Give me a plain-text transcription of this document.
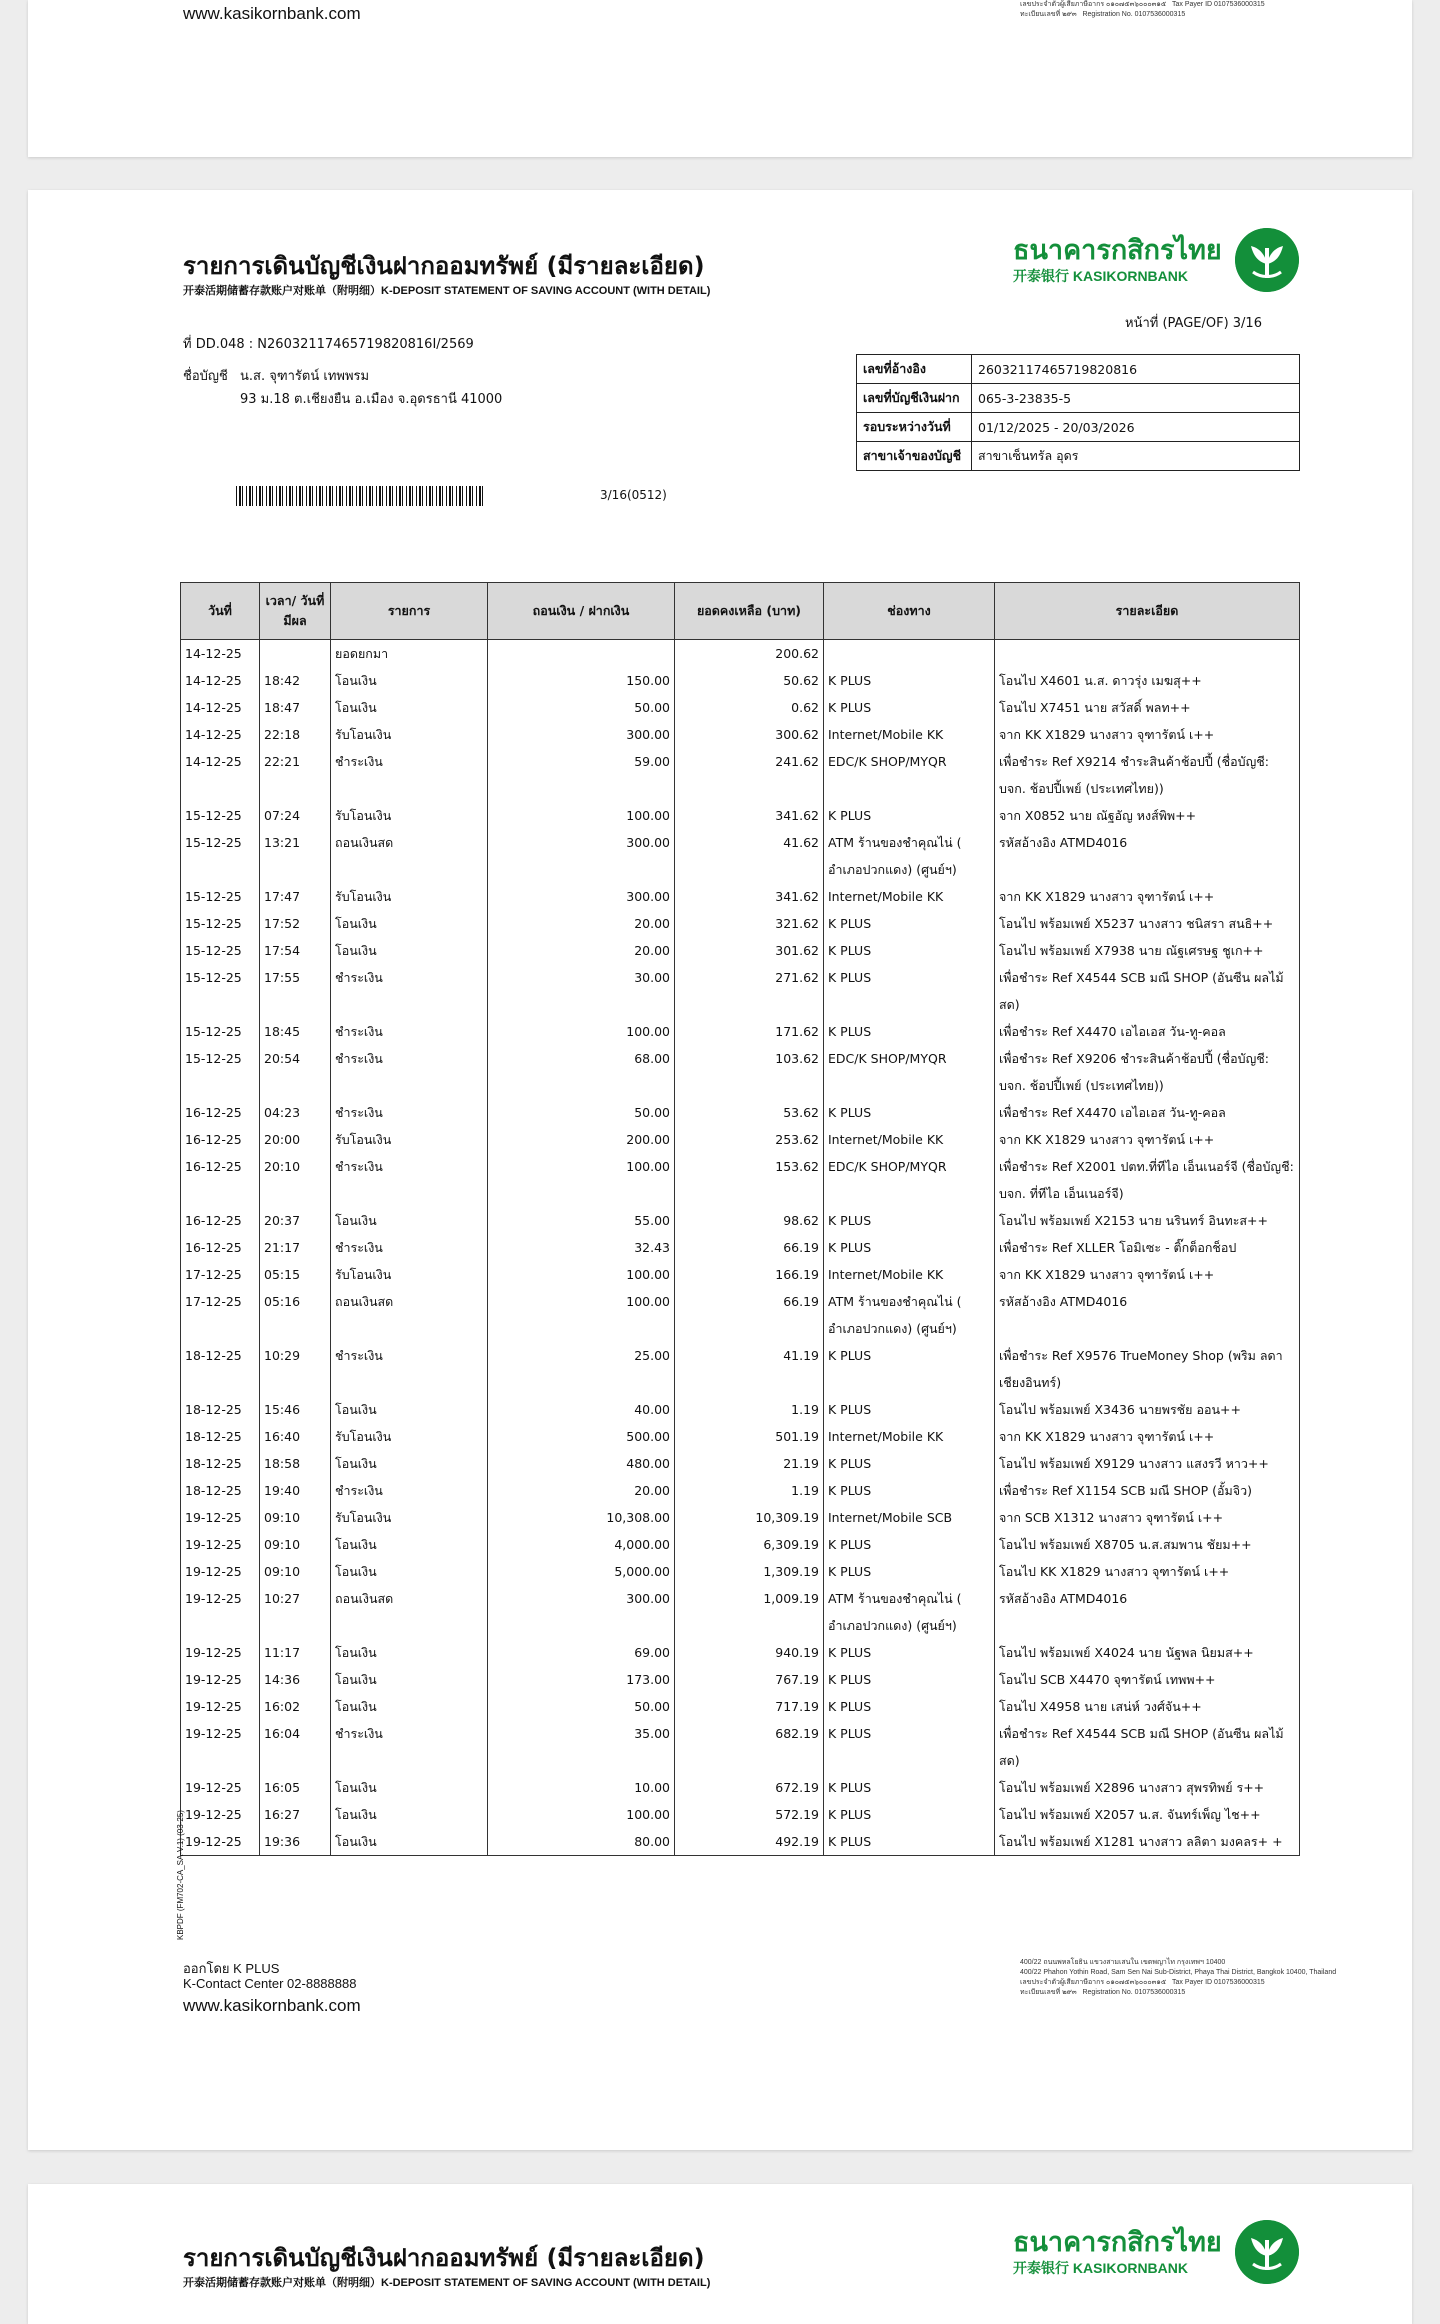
www.kasikornbank.com	เลขประจำตัวผู้เสียภาษีอากร ๐๑๐๗๕๓๖๐๐๐๓๑๕   Tax Payer ID 0107536000315
ทะเบียนเลขที่ ๒๙๓   Registration No. 0107536000315
รายการเดินบัญชีเงินฝากออมทรัพย์ (มีรายละเอียด)
开泰活期储蓄存款账户对账单（附明细）K-DEPOSIT STATEMENT OF SAVING ACCOUNT (WITH DETAIL)
ธนาคารกสิกรไทย
开泰银行 KASIKORNBANK
หน้าที่ (PAGE/OF) 3/16
ที่ DD.048 : N26032117465719820816I/2569
ชื่อบัญชี น.ส. จุฑารัตน์ เทพพรม
93 ม.18 ต.เชียงยืน อ.เมือง จ.อุดรธานี 41000
เลขที่อ้างอิง	26032117465719820816
เลขที่บัญชีเงินฝาก	065-3-23835-5
รอบระหว่างวันที่	01/12/2025 - 20/03/2026
สาขาเจ้าของบัญชี	สาขาเซ็นทรัล อุดร
3/16(0512)
วันที่	เวลา/ วันที่มีผล	รายการ	ถอนเงิน / ฝากเงิน	ยอดคงเหลือ (บาท)	ช่องทาง	รายละเอียด
14-12-25		ยอดยกมา		200.62		
14-12-25	18:42	โอนเงิน	150.00	50.62	K PLUS	โอนไป X4601 น.ส. ดาวรุ่ง เมฆสุ++
14-12-25	18:47	โอนเงิน	50.00	0.62	K PLUS	โอนไป X7451 นาย สวัสดิ์ พลท++
14-12-25	22:18	รับโอนเงิน	300.00	300.62	Internet/Mobile KK	จาก KK X1829 นางสาว จุฑารัตน์ เ++
14-12-25	22:21	ชำระเงิน	59.00	241.62	EDC/K SHOP/MYQR	เพื่อชำระ Ref X9214 ชำระสินค้าช้อปปี้ (ชื่อบัญชี: บจก. ช้อปปี้เพย์ (ประเทศไทย))
15-12-25	07:24	รับโอนเงิน	100.00	341.62	K PLUS	จาก X0852 นาย ณัฐอัญ หงส์พิพ++
15-12-25	13:21	ถอนเงินสด	300.00	41.62	ATM ร้านของชำคุณไน่ ( อำเภอปวกแดง) (ศูนย์ฯ)	รหัสอ้างอิง ATMD4016
15-12-25	17:47	รับโอนเงิน	300.00	341.62	Internet/Mobile KK	จาก KK X1829 นางสาว จุฑารัตน์ เ++
15-12-25	17:52	โอนเงิน	20.00	321.62	K PLUS	โอนไป พร้อมเพย์ X5237 นางสาว ชนิสรา สนธิ++
15-12-25	17:54	โอนเงิน	20.00	301.62	K PLUS	โอนไป พร้อมเพย์ X7938 นาย ณัฐเศรษฐ ชูเก++
15-12-25	17:55	ชำระเงิน	30.00	271.62	K PLUS	เพื่อชำระ Ref X4544 SCB มณี SHOP (อันซีน ผลไม้สด)
15-12-25	18:45	ชำระเงิน	100.00	171.62	K PLUS	เพื่อชำระ Ref X4470 เอไอเอส วัน-ทู-คอล
15-12-25	20:54	ชำระเงิน	68.00	103.62	EDC/K SHOP/MYQR	เพื่อชำระ Ref X9206 ชำระสินค้าช้อปปี้ (ชื่อบัญชี: บจก. ช้อปปี้เพย์ (ประเทศไทย))
16-12-25	04:23	ชำระเงิน	50.00	53.62	K PLUS	เพื่อชำระ Ref X4470 เอไอเอส วัน-ทู-คอล
16-12-25	20:00	รับโอนเงิน	200.00	253.62	Internet/Mobile KK	จาก KK X1829 นางสาว จุฑารัตน์ เ++
16-12-25	20:10	ชำระเงิน	100.00	153.62	EDC/K SHOP/MYQR	เพื่อชำระ Ref X2001 ปตท.ที่ทีไอ เอ็นเนอร์จี (ชื่อบัญชี: บจก. ที่ทีไอ เอ็นเนอร์จี)
16-12-25	20:37	โอนเงิน	55.00	98.62	K PLUS	โอนไป พร้อมเพย์ X2153 นาย นรินทร์ อินทะส++
16-12-25	21:17	ชำระเงิน	32.43	66.19	K PLUS	เพื่อชำระ Ref XLLER โอมิเซะ - ติ๊กต็อกช็อป
17-12-25	05:15	รับโอนเงิน	100.00	166.19	Internet/Mobile KK	จาก KK X1829 นางสาว จุฑารัตน์ เ++
17-12-25	05:16	ถอนเงินสด	100.00	66.19	ATM ร้านของชำคุณไน่ ( อำเภอปวกแดง) (ศูนย์ฯ)	รหัสอ้างอิง ATMD4016
18-12-25	10:29	ชำระเงิน	25.00	41.19	K PLUS	เพื่อชำระ Ref X9576 TrueMoney Shop (พริม ลดา เชียงอินทร์)
18-12-25	15:46	โอนเงิน	40.00	1.19	K PLUS	โอนไป พร้อมเพย์ X3436 นายพรชัย ออน++
18-12-25	16:40	รับโอนเงิน	500.00	501.19	Internet/Mobile KK	จาก KK X1829 นางสาว จุฑารัตน์ เ++
18-12-25	18:58	โอนเงิน	480.00	21.19	K PLUS	โอนไป พร้อมเพย์ X9129 นางสาว แสงรวี หาว++
18-12-25	19:40	ชำระเงิน	20.00	1.19	K PLUS	เพื่อชำระ Ref X1154 SCB มณี SHOP (อั้มจิว)
19-12-25	09:10	รับโอนเงิน	10,308.00	10,309.19	Internet/Mobile SCB	จาก SCB X1312 นางสาว จุฑารัตน์ เ++
19-12-25	09:10	โอนเงิน	4,000.00	6,309.19	K PLUS	โอนไป พร้อมเพย์ X8705 น.ส.สมพาน ชัยม++
19-12-25	09:10	โอนเงิน	5,000.00	1,309.19	K PLUS	โอนไป KK X1829 นางสาว จุฑารัตน์ เ++
19-12-25	10:27	ถอนเงินสด	300.00	1,009.19	ATM ร้านของชำคุณไน่ ( อำเภอปวกแดง) (ศูนย์ฯ)	รหัสอ้างอิง ATMD4016
19-12-25	11:17	โอนเงิน	69.00	940.19	K PLUS	โอนไป พร้อมเพย์ X4024 นาย นัฐพล นิยมส++
19-12-25	14:36	โอนเงิน	173.00	767.19	K PLUS	โอนไป SCB X4470 จุฑารัตน์ เทพพ++
19-12-25	16:02	โอนเงิน	50.00	717.19	K PLUS	โอนไป X4958 นาย เสน่ห์ วงศ์จัน++
19-12-25	16:04	ชำระเงิน	35.00	682.19	K PLUS	เพื่อชำระ Ref X4544 SCB มณี SHOP (อันซีน ผลไม้สด)
19-12-25	16:05	โอนเงิน	10.00	672.19	K PLUS	โอนไป พร้อมเพย์ X2896 นางสาว สุพรทิพย์ ร++
19-12-25	16:27	โอนเงิน	100.00	572.19	K PLUS	โอนไป พร้อมเพย์ X2057 น.ส. จันทร์เพ็ญ ไช++
19-12-25	19:36	โอนเงิน	80.00	492.19	K PLUS	โอนไป พร้อมเพย์ X1281 นางสาว ลลิตา มงคลร+ +
KBPDF (FM702-CA_SA-V.1) (03-25)
ออกโดย K PLUS
K-Contact Center 02-8888888
www.kasikornbank.com
400/22 ถนนพหลโยธิน แขวงสามเสนใน เขตพญาไท กรุงเทพฯ 10400
400/22 Phahon Yothin Road, Sam Sen Nai Sub-District, Phaya Thai District, Bangkok 10400, Thailand
เลขประจำตัวผู้เสียภาษีอากร ๐๑๐๗๕๓๖๐๐๐๓๑๕   Tax Payer ID 0107536000315
ทะเบียนเลขที่ ๒๙๓   Registration No. 0107536000315
รายการเดินบัญชีเงินฝากออมทรัพย์ (มีรายละเอียด)
开泰活期储蓄存款账户对账单（附明细）K-DEPOSIT STATEMENT OF SAVING ACCOUNT (WITH DETAIL)
ธนาคารกสิกรไทย
开泰银行 KASIKORNBANK
